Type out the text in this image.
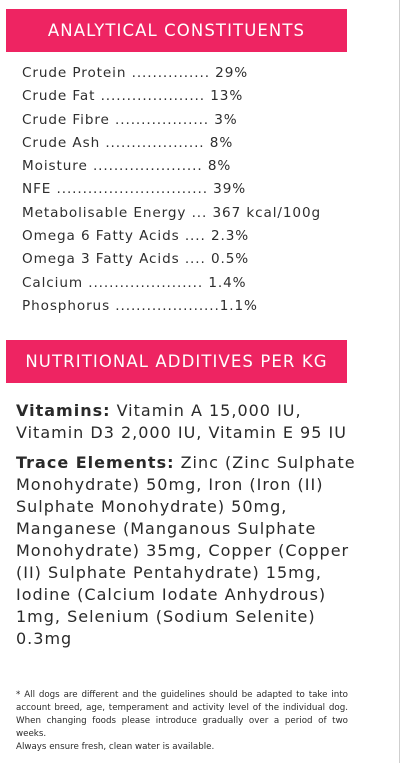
ANALYTICAL CONSTITUENTS
Crude Protein ............... 29%
Crude Fat .................... 13%
Crude Fibre .................. 3%
Crude Ash ................... 8%
Moisture ..................... 8%
NFE ............................. 39%
Metabolisable Energy ... 367 kcal/100g
Omega 6 Fatty Acids .... 2.3%
Omega 3 Fatty Acids .... 0.5%
Calcium ...................... 1.4%
Phosphorus ....................1.1%
NUTRITIONAL ADDITIVES PER KG

Vitamins: Vitamin A 15,000 IU, Vitamin D3 2,000 IU, Vitamin E 95 IU

Trace Elements: Zinc (Zinc Sulphate Monohydrate) 50mg, Iron (Iron (II) Sulphate Monohydrate) 50mg, Manganese (Manganous Sulphate Monohydrate) 35mg, Copper (Copper (II) Sulphate Pentahydrate) 15mg, Iodine (Calcium Iodate Anhydrous) 1mg, Selenium (Sodium Selenite) 0.3mg

* All dogs are different and the guidelines should be adapted to take into account breed, age, temperament and activity level of the individual dog. When changing foods please introduce gradually over a period of two weeks.

Always ensure fresh, clean water is available.
